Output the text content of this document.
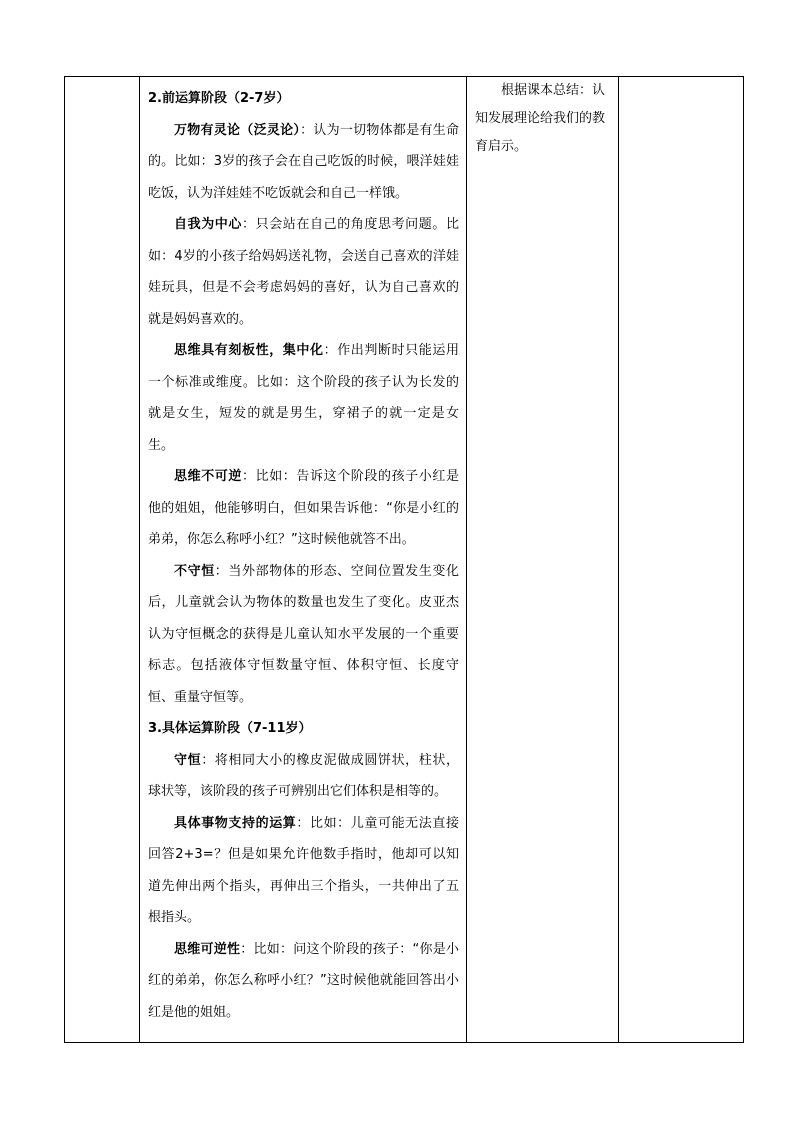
2.前运算阶段（2-7岁）

万物有灵论（泛灵论）：认为一切物体都是有生命的。比如：3岁的孩子会在自己吃饭的时候，喂洋娃娃吃饭，认为洋娃娃不吃饭就会和自己一样饿。

自我为中心：只会站在自己的角度思考问题。比如：4岁的小孩子给妈妈送礼物，会送自己喜欢的洋娃娃玩具，但是不会考虑妈妈的喜好，认为自己喜欢的就是妈妈喜欢的。

思维具有刻板性，集中化：作出判断时只能运用一个标准或维度。比如：这个阶段的孩子认为长发的就是女生，短发的就是男生，穿裙子的就一定是女生。

思维不可逆：比如：告诉这个阶段的孩子小红是他的姐姐，他能够明白，但如果告诉他：“你是小红的弟弟，你怎么称呼小红？”这时候他就答不出。

不守恒：当外部物体的形态、空间位置发生变化后，儿童就会认为物体的数量也发生了变化。皮亚杰认为守恒概念的获得是儿童认知水平发展的一个重要标志。包括液体守恒数量守恒、体积守恒、长度守恒、重量守恒等。

3.具体运算阶段（7-11岁）

守恒：将相同大小的橡皮泥做成圆饼状，柱状，球状等，该阶段的孩子可辨别出它们体积是相等的。

具体事物支持的运算：比如：儿童可能无法直接回答2+3=？但是如果允许他数手指时，他却可以知道先伸出两个指头，再伸出三个指头，一共伸出了五根指头。

思维可逆性：比如：问这个阶段的孩子：“你是小红的弟弟，你怎么称呼小红？”这时候他就能回答出小红是他的姐姐。

根据课本总结：认知发展理论给我们的教育启示。
